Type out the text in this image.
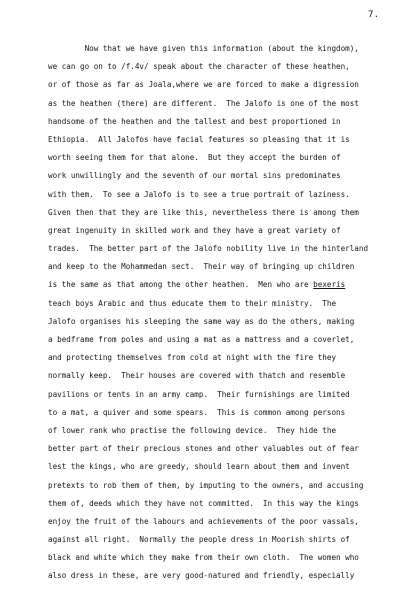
7.
Now that we have given this information (about the kingdom),
we can go on to /f.4v/ speak about the character of these heathen,
or of those as far as Joala,where we are forced to make a digression
as the heathen (there) are different.  The Jalofo is one of the most
handsome of the heathen and the tallest and best proportioned in
Ethiopia.  All Jalofos have facial features so pleasing that it is
worth seeing them for that alone.  But they accept the burden of
work unwillingly and the seventh of our mortal sins predominates
with them.  To see a Jalofo is to see a true portrait of laziness.
Given then that they are like this, nevertheless there is among them
great ingenuity in skilled work and they have a great variety of
trades.  The better part of the Jalofo nobility live in the hinterland
and keep to the Mohammedan sect.  Their way of bringing up children
is the same as that among the other heathen.  Men who are bexeris
teach boys Arabic and thus educate them to their ministry.  The
Jalofo organises his sleeping the same way as do the others, making
a bedframe from poles and using a mat as a mattress and a coverlet,
and protecting themselves from cold at night with the fire they
normally keep.  Their houses are covered with thatch and resemble
pavilions or tents in an army camp.  Their furnishings are limited
to a mat, a quiver and some spears.  This is common among persons
of lower rank who practise the following device.  They hide the
better part of their precious stones and other valuables out of fear
lest the kings, who are greedy, should learn about them and invent
pretexts to rob them of them, by imputing to the owners, and accusing
them of, deeds which they have not committed.  In this way the kings
enjoy the fruit of the labours and achievements of the poor vassals,
against all right.  Normally the people dress in Moorish shirts of
black and white which they make from their own cloth.  The women who
also dress in these, are very good-natured and friendly, especially
